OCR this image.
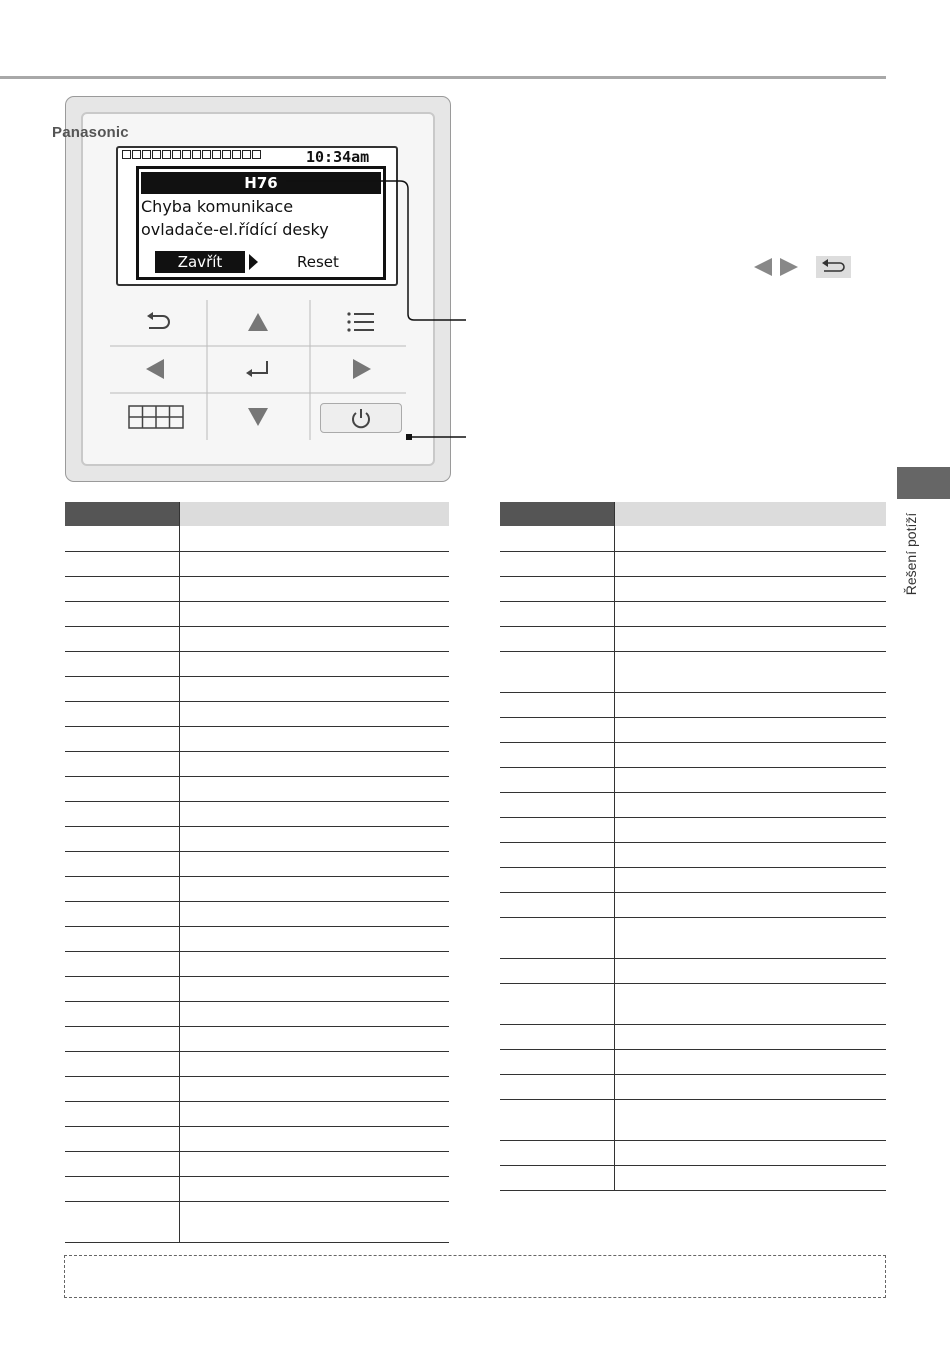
Panasonic
10:34am
H76
Chyba komunikace
ovladače-el.řídící desky
Zavřít	Reset

Řešení potíží
